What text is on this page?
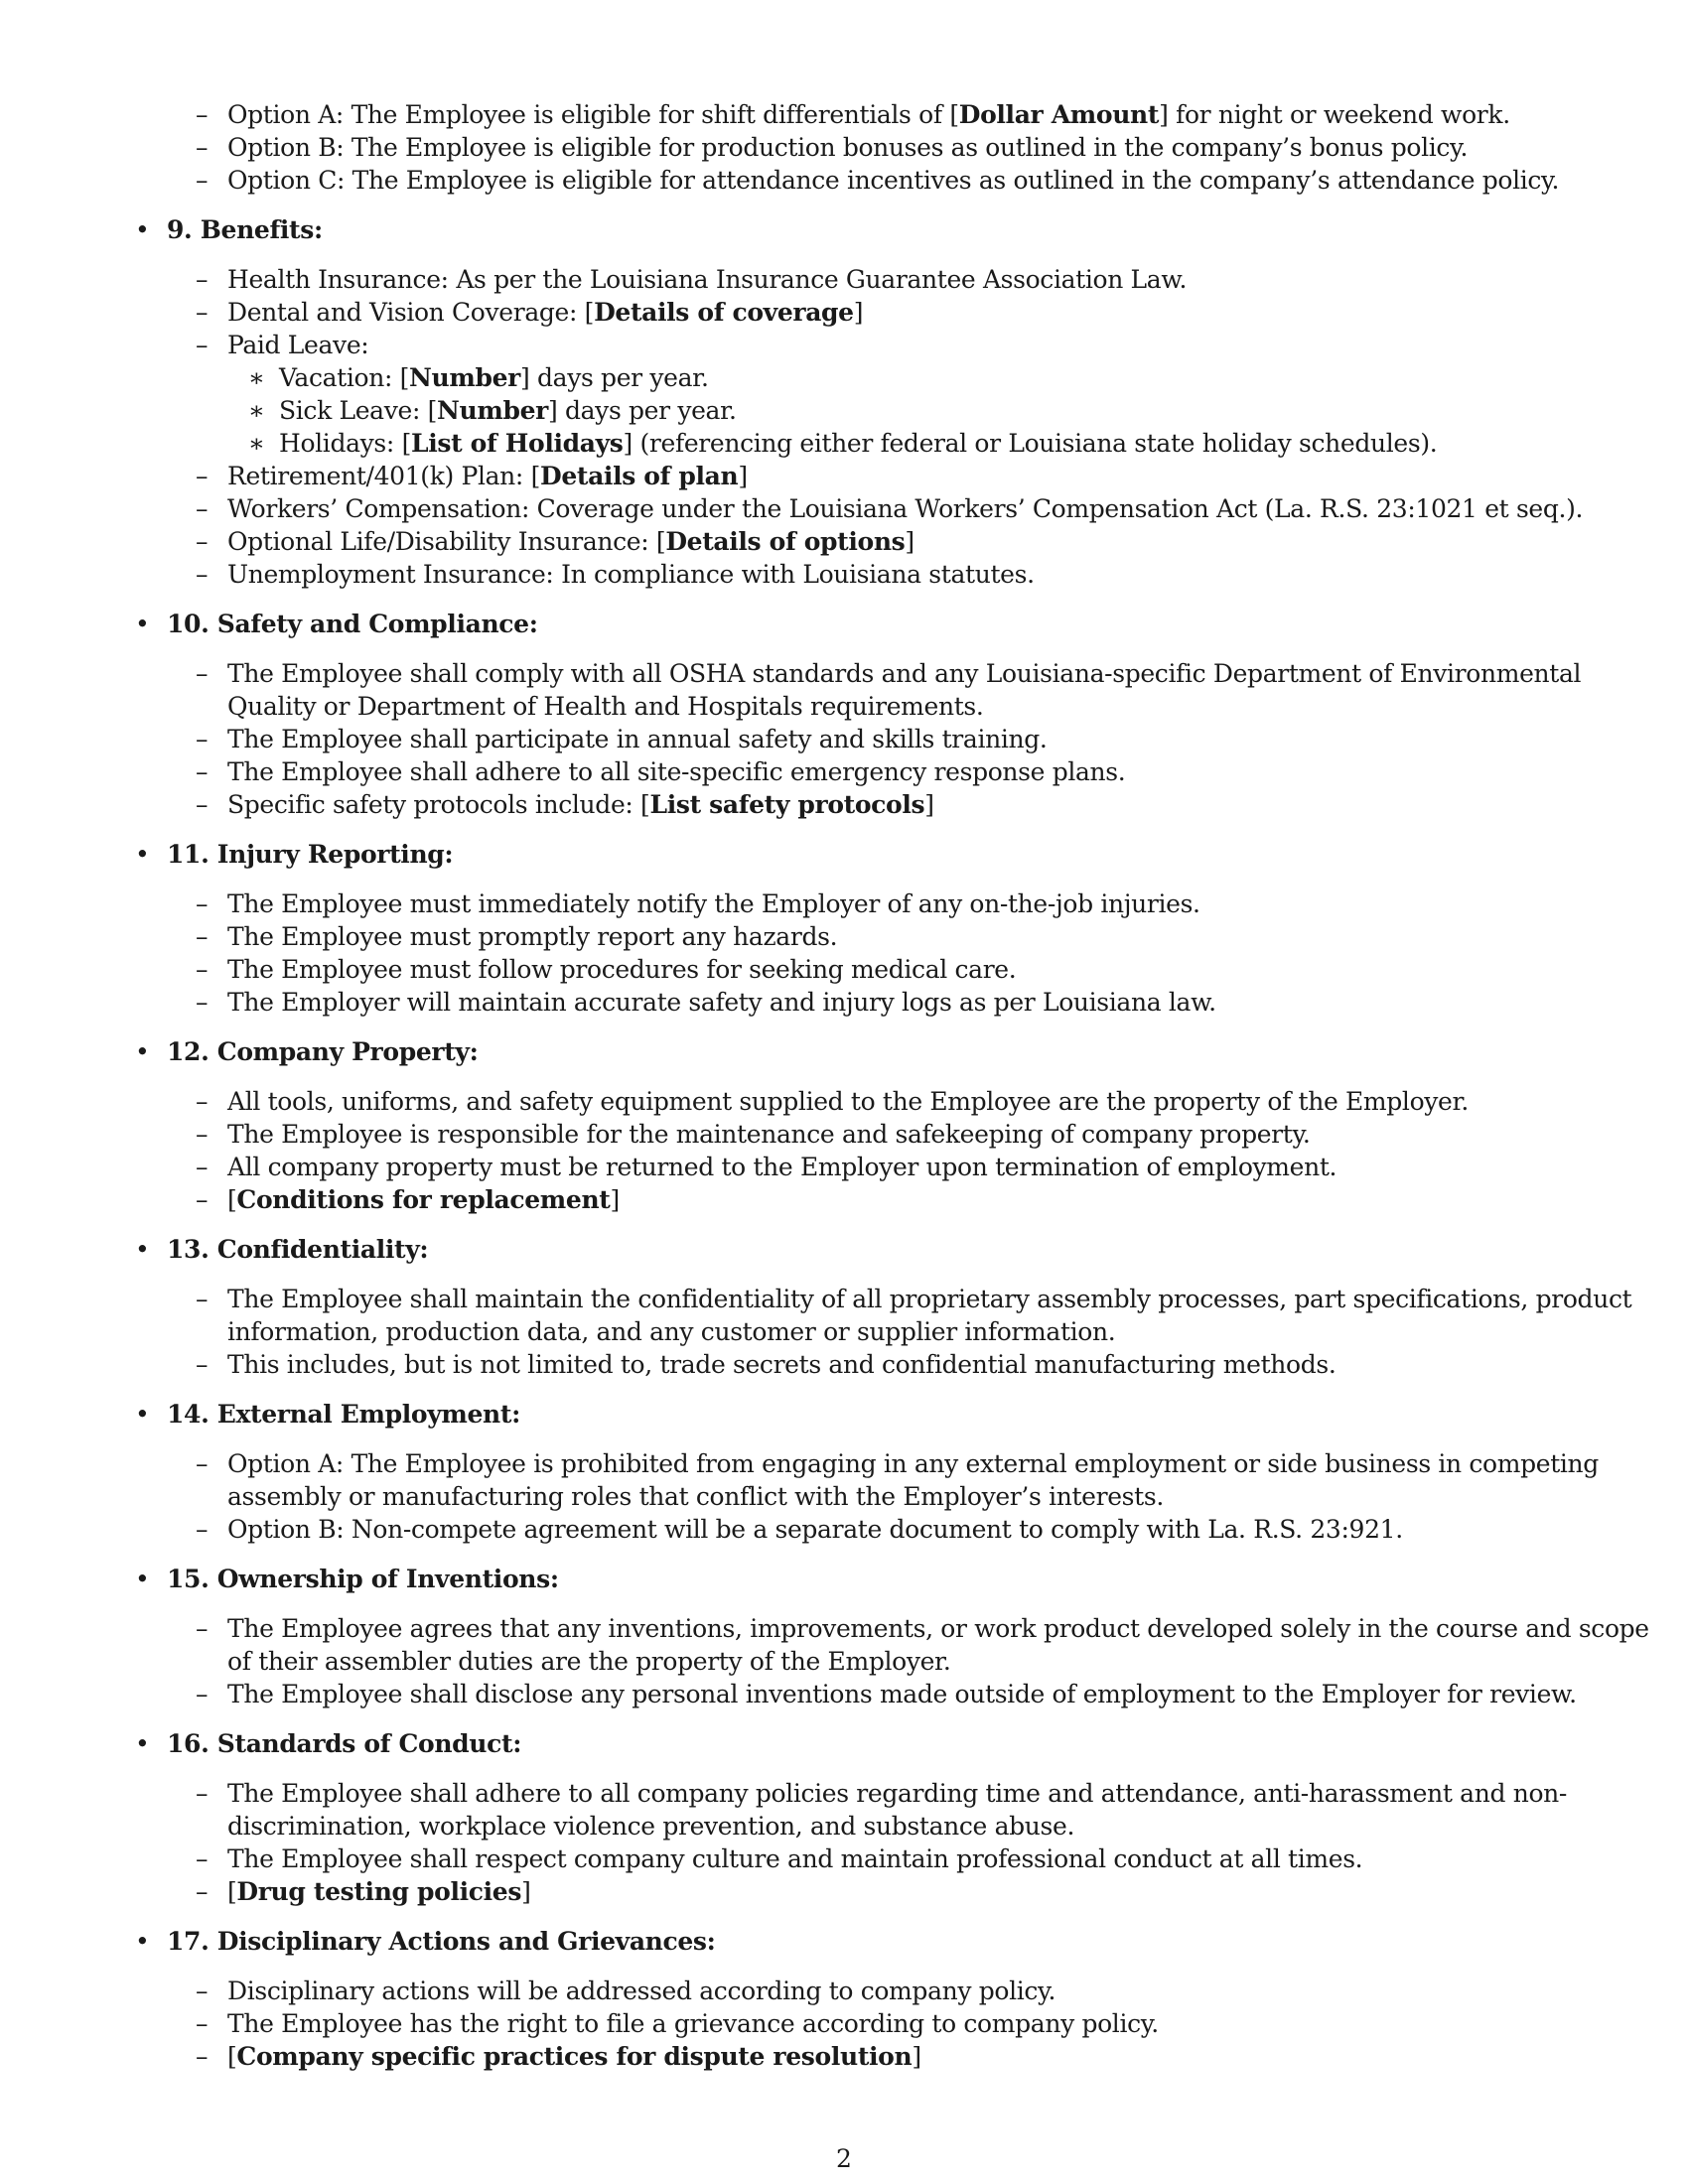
– Option A: The Employee is eligible for shift differentials of [Dollar Amount] for night or weekend work.
– Option B: The Employee is eligible for production bonuses as outlined in the company’s bonus policy.
– Option C: The Employee is eligible for attendance incentives as outlined in the company’s attendance policy.
• 9. Benefits:
– Health Insurance: As per the Louisiana Insurance Guarantee Association Law.
– Dental and Vision Coverage: [Details of coverage]
– Paid Leave:
∗ Vacation: [Number] days per year.
∗ Sick Leave: [Number] days per year.
∗ Holidays: [List of Holidays] (referencing either federal or Louisiana state holiday schedules).
– Retirement/401(k) Plan: [Details of plan]
– Workers’ Compensation: Coverage under the Louisiana Workers’ Compensation Act (La. R.S. 23:1021 et seq.).
– Optional Life/Disability Insurance: [Details of options]
– Unemployment Insurance: In compliance with Louisiana statutes.
• 10. Safety and Compliance:
– The Employee shall comply with all OSHA standards and any Louisiana-specific Department of Environmental
Quality or Department of Health and Hospitals requirements.
– The Employee shall participate in annual safety and skills training.
– The Employee shall adhere to all site-specific emergency response plans.
– Specific safety protocols include: [List safety protocols]
• 11. Injury Reporting:
– The Employee must immediately notify the Employer of any on-the-job injuries.
– The Employee must promptly report any hazards.
– The Employee must follow procedures for seeking medical care.
– The Employer will maintain accurate safety and injury logs as per Louisiana law.
• 12. Company Property:
– All tools, uniforms, and safety equipment supplied to the Employee are the property of the Employer.
– The Employee is responsible for the maintenance and safekeeping of company property.
– All company property must be returned to the Employer upon termination of employment.
– [Conditions for replacement]
• 13. Confidentiality:
– The Employee shall maintain the confidentiality of all proprietary assembly processes, part specifications, product
information, production data, and any customer or supplier information.
– This includes, but is not limited to, trade secrets and confidential manufacturing methods.
• 14. External Employment:
– Option A: The Employee is prohibited from engaging in any external employment or side business in competing
assembly or manufacturing roles that conflict with the Employer’s interests.
– Option B: Non-compete agreement will be a separate document to comply with La. R.S. 23:921.
• 15. Ownership of Inventions:
– The Employee agrees that any inventions, improvements, or work product developed solely in the course and scope
of their assembler duties are the property of the Employer.
– The Employee shall disclose any personal inventions made outside of employment to the Employer for review.
• 16. Standards of Conduct:
– The Employee shall adhere to all company policies regarding time and attendance, anti-harassment and non-
discrimination, workplace violence prevention, and substance abuse.
– The Employee shall respect company culture and maintain professional conduct at all times.
– [Drug testing policies]
• 17. Disciplinary Actions and Grievances:
– Disciplinary actions will be addressed according to company policy.
– The Employee has the right to file a grievance according to company policy.
– [Company specific practices for dispute resolution]
2
